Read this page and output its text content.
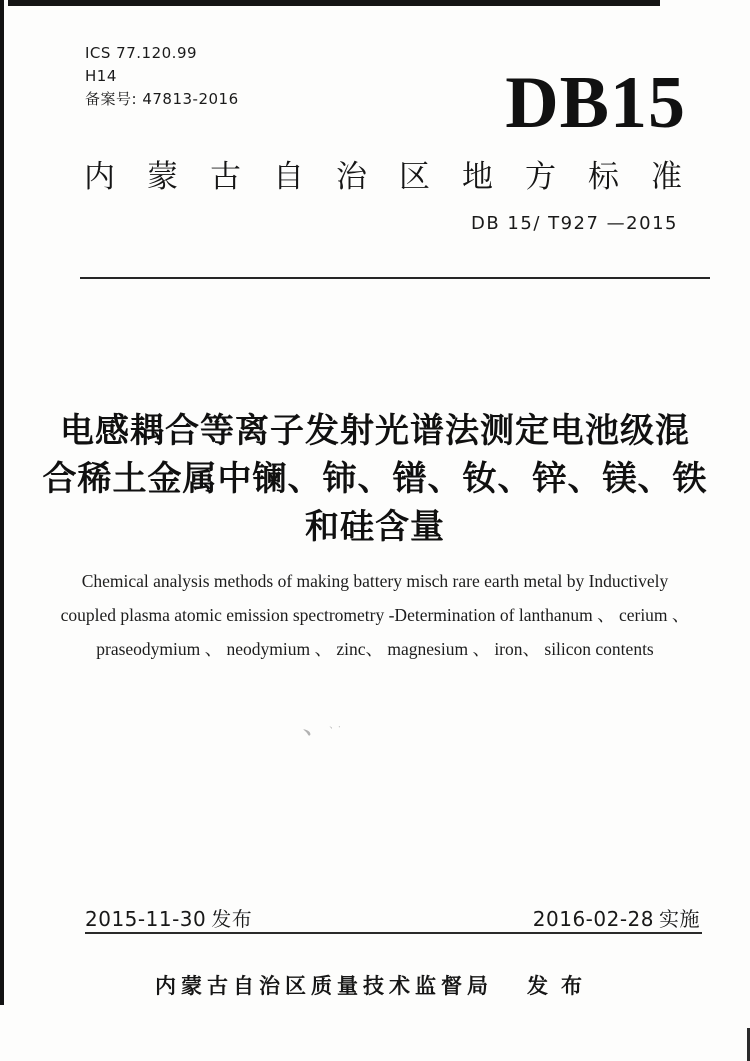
﹅ ︑˙
ICS 77.120.99
H14
备案号: 47813-2016	DB15
内 蒙 古 自 治 区 地 方 标 准
DB 15/ T927 —2015
电感耦合等离子发射光谱法测定电池级混
合稀土金属中镧、铈、镨、钕、锌、镁、铁
和硅含量
Chemical analysis methods of making battery misch rare earth metal by Inductively
coupled plasma atomic emission spectrometry -Determination of lanthanum 、 cerium 、
praseodymium 、 neodymium 、 zinc、 magnesium 、 iron、 silicon contents
2015-11-30 发布	2016-02-28 实施
内蒙古自治区质量技术监督局 发布
